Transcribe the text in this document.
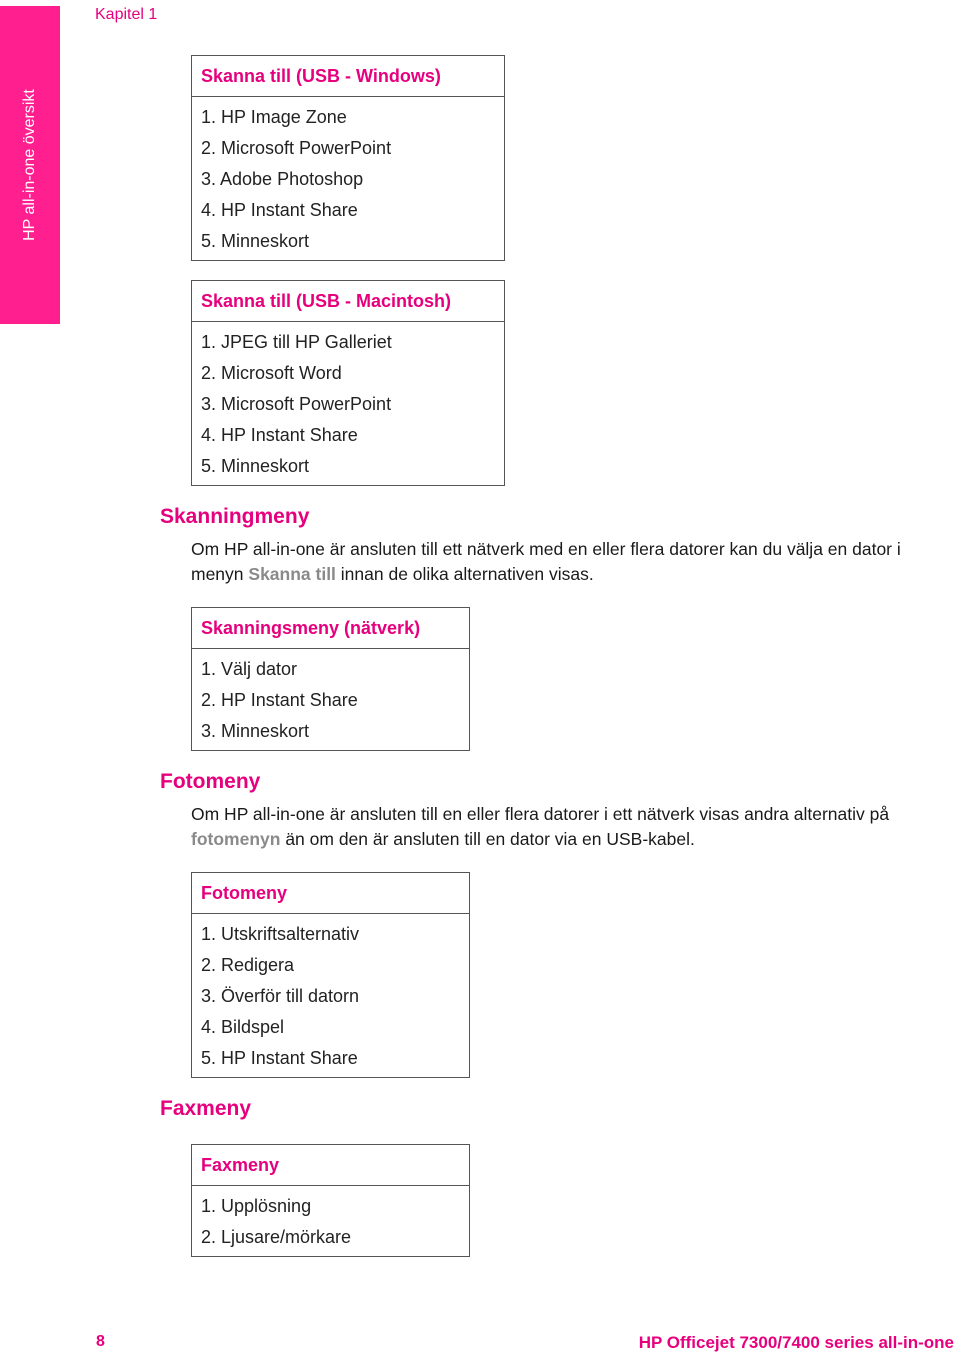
Kapitel 1
HP all-in-one översikt
Skanna till (USB - Windows)
1. HP Image Zone
2. Microsoft PowerPoint
3. Adobe Photoshop
4. HP Instant Share
5. Minneskort
Skanna till (USB - Macintosh)
1. JPEG till HP Galleriet
2. Microsoft Word
3. Microsoft PowerPoint
4. HP Instant Share
5. Minneskort
Skanningmeny
Om HP all-in-one är ansluten till ett nätverk med en eller flera datorer kan du välja en dator i menyn Skanna till innan de olika alternativen visas.
Skanningsmeny (nätverk)
1. Välj dator
2. HP Instant Share
3. Minneskort
Fotomeny
Om HP all-in-one är ansluten till en eller flera datorer i ett nätverk visas andra alternativ på fotomenyn än om den är ansluten till en dator via en USB-kabel.
Fotomeny
1. Utskriftsalternativ
2. Redigera
3. Överför till datorn
4. Bildspel
5. HP Instant Share
Faxmeny
Faxmeny
1. Upplösning
2. Ljusare/mörkare
8	HP Officejet 7300/7400 series all-in-one
